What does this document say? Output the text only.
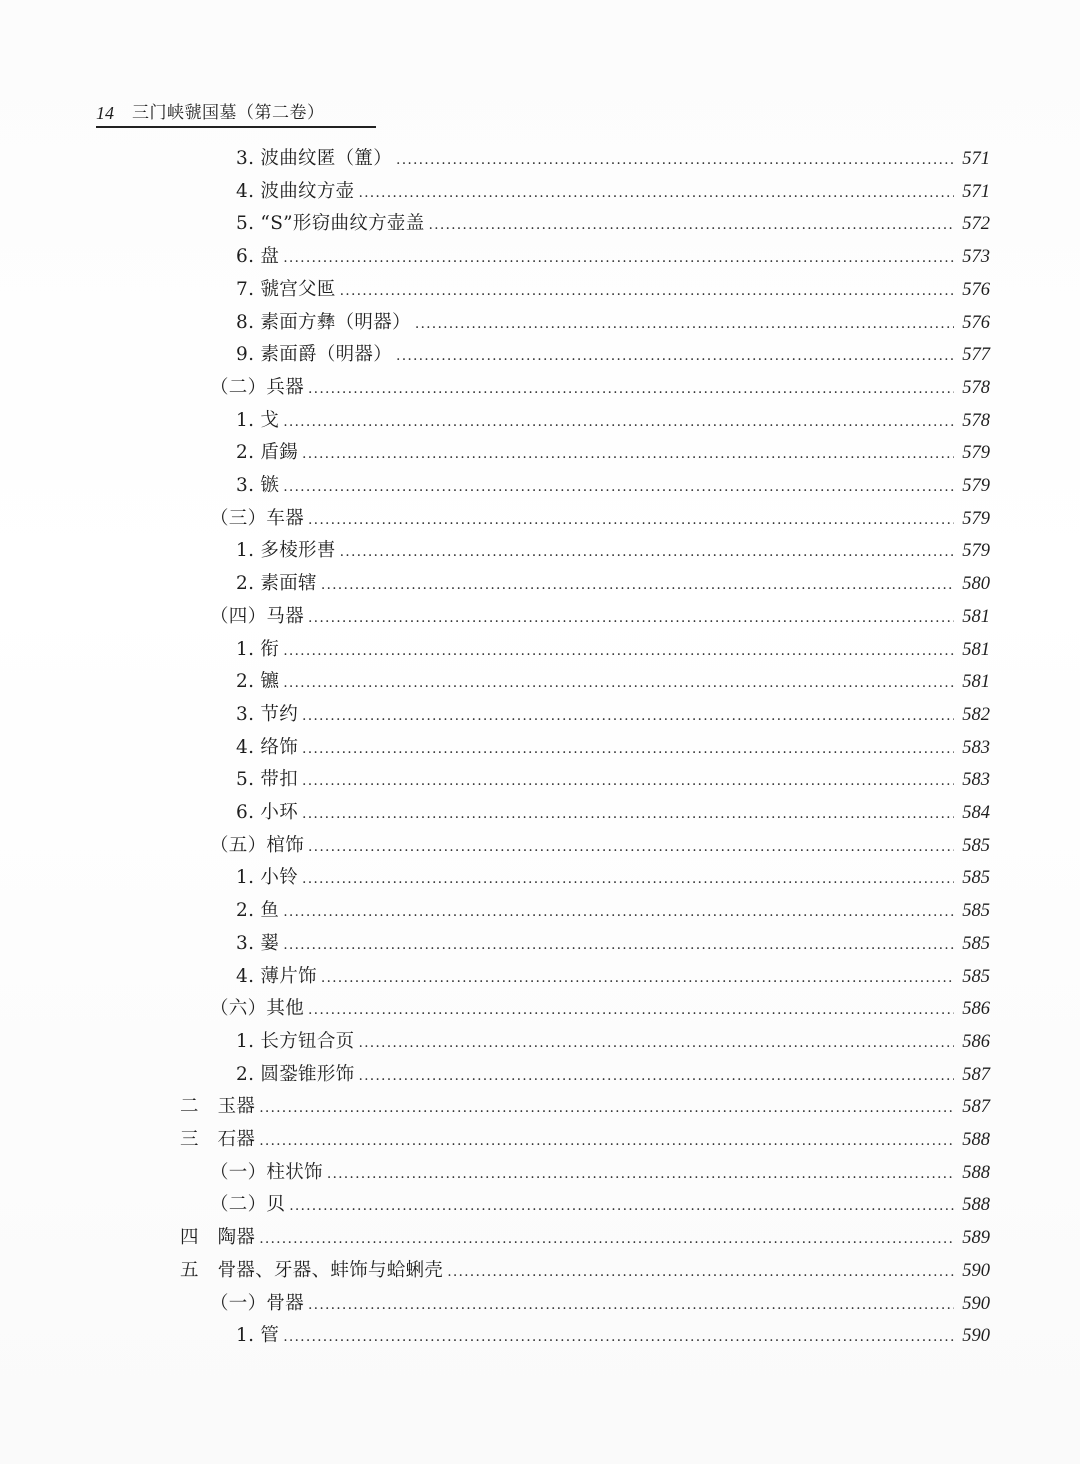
14 三门峡虢国墓（第二卷）
3. 波曲纹匿（簠） .....	571
4. 波曲纹方壶 .....	571
5. “S”形窃曲纹方壶盖 .....	572
6. 盘 .....	573
7. 虢宫父匜 .....	576
8. 素面方彝（明器） .....	576
9. 素面爵（明器） .....	577
（二）兵器 .....	578
1. 戈 .....	578
2. 盾鍚 .....	579
3. 镞 .....	579
（三）车器 .....	579
1. 多棱形軎 .....	579
2. 素面辖 .....	580
（四）马器 .....	581
1. 衔 .....	581
2. 镳 .....	581
3. 节约 .....	582
4. 络饰 .....	583
5. 带扣 .....	583
6. 小环 .....	584
（五）棺饰 .....	585
1. 小铃 .....	585
2. 鱼 .....	585
3. 翣 .....	585
4. 薄片饰 .....	585
（六）其他 .....	586
1. 长方钮合页 .....	586
2. 圆銎锥形饰 .....	587
二　玉器 .....	587
三　石器 .....	588
（一）柱状饰 .....	588
（二）贝 .....	588
四　陶器 .....	589
五　骨器、牙器、蚌饰与蛤蜊壳 .....	590
（一）骨器 .....	590
1. 管 .....	590
